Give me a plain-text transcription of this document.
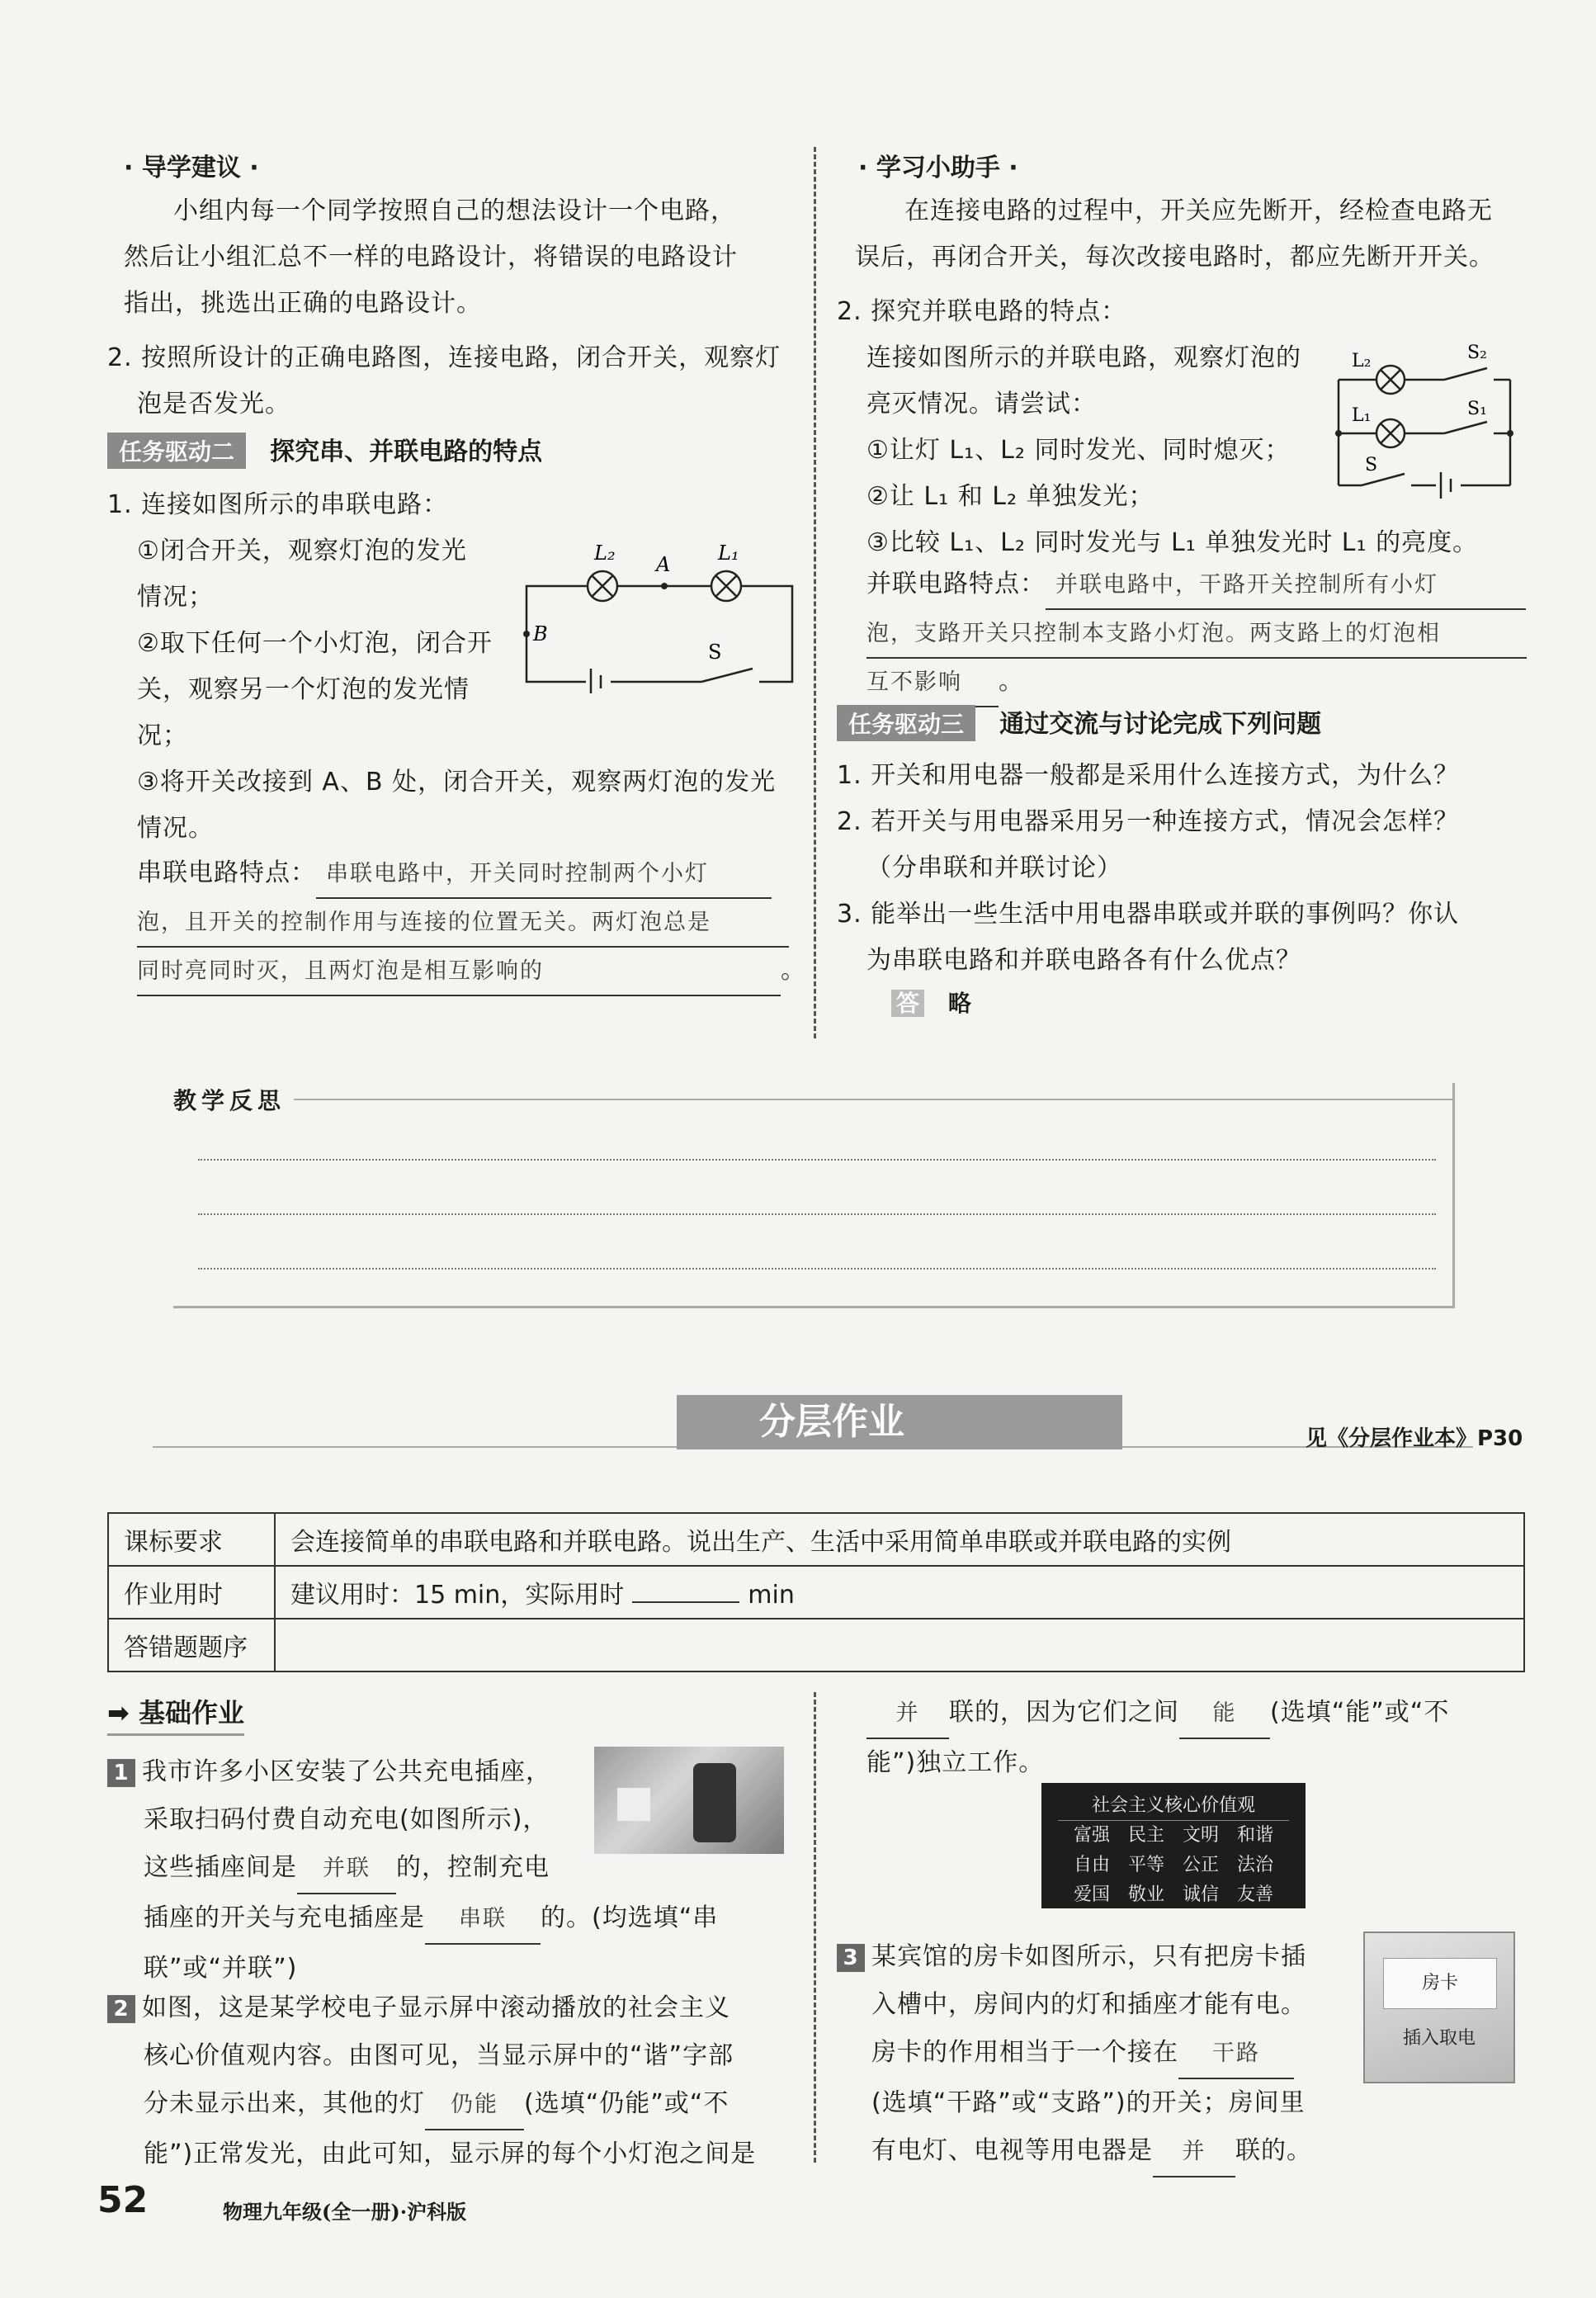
· 导学建议 ·
小组内每一个同学按照自己的想法设计一个电路，
然后让小组汇总不一样的电路设计，将错误的电路设计
指出，挑选出正确的电路设计。
2. 按照所设计的正确电路图，连接电路，闭合开关，观察灯
泡是否发光。
任务驱动二 探究串、并联电路的特点
1. 连接如图所示的串联电路：
①闭合开关，观察灯泡的发光
情况；
②取下任何一个小灯泡，闭合开
关，观察另一个灯泡的发光情
况；
③将开关改接到 A、B 处，闭合开关，观察两灯泡的发光
情况。
串联电路特点： 串联电路中，开关同时控制两个小灯
泡，且开关的控制作用与连接的位置无关。两灯泡总是
同时亮同时灭，且两灯泡是相互影响的	。
L₂ A L₁
B
S
· 学习小助手 ·
在连接电路的过程中，开关应先断开，经检查电路无
误后，再闭合开关，每次改接电路时，都应先断开开关。
2. 探究并联电路的特点：
连接如图所示的并联电路，观察灯泡的
亮灭情况。请尝试：
①让灯 L₁、L₂ 同时发光、同时熄灭；
②让 L₁ 和 L₂ 单独发光；
③比较 L₁、L₂ 同时发光与 L₁ 单独发光时 L₁ 的亮度。
并联电路特点： 并联电路中，干路开关控制所有小灯
泡，支路开关只控制本支路小灯泡。两支路上的灯泡相
互不影响 。
L₂	S₂
L₁	S₁
S
任务驱动三 通过交流与讨论完成下列问题
1. 开关和用电器一般都是采用什么连接方式，为什么？
2. 若开关与用电器采用另一种连接方式，情况会怎样？
（分串联和并联讨论）
3. 能举出一些生活中用电器串联或并联的事例吗？你认
为串联电路和并联电路各有什么优点？
答 略
教学反思
分层作业	见《分层作业本》P30
课标要求	会连接简单的串联电路和并联电路。说出生产、生活中采用简单串联或并联电路的实例
作业用时	建议用时：15 min，实际用时 min
答错题题序	
➡ 基础作业
1 我市许多小区安装了公共充电插座，
采取扫码付费自动充电(如图所示)，
这些插座间是 并联 的，控制充电
插座的开关与充电插座是 串联 的。(均选填“串
联”或“并联”)
2 如图，这是某学校电子显示屏中滚动播放的社会主义
核心价值观内容。由图可见，当显示屏中的“谐”字部
分未显示出来，其他的灯 仍能 (选填“仍能”或“不
能”)正常发光，由此可知，显示屏的每个小灯泡之间是
并 联的，因为它们之间 能 (选填“能”或“不
能”)独立工作。
社会主义核心价值观
富强　民主　文明　和谐
自由　平等　公正　法治
爱国　敬业　诚信　友善
3 某宾馆的房卡如图所示，只有把房卡插
入槽中，房间内的灯和插座才能有电。
房卡的作用相当于一个接在 干路
(选填“干路”或“支路”)的开关；房间里
有电灯、电视等用电器是 并 联的。
房卡
插入取电
52	物理九年级(全一册)·沪科版
